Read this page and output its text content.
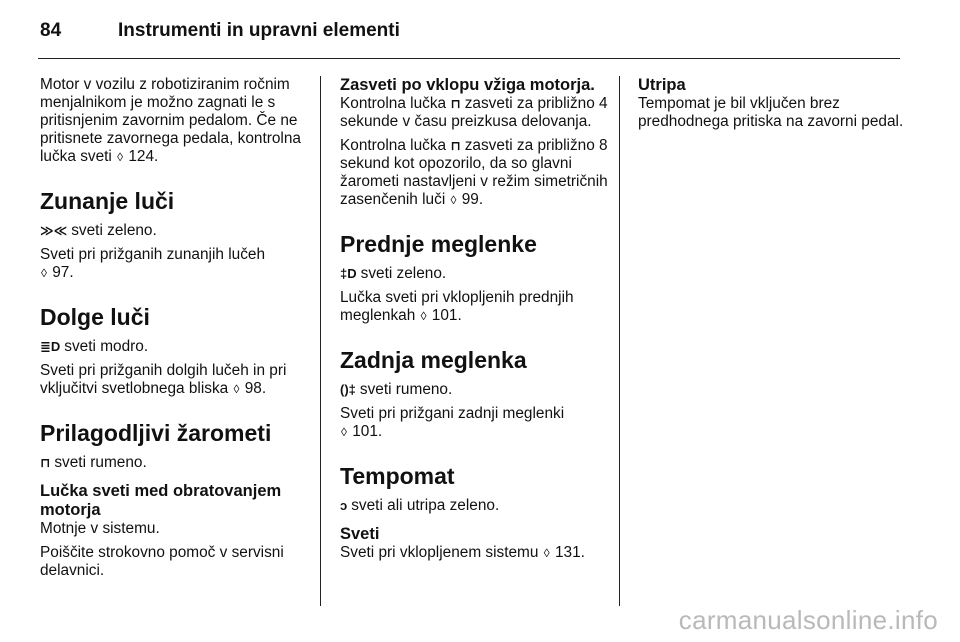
84	Instrumenti in upravni elementi

Motor v vozilu z robotiziranim ročnim menjalnikom je možno zagnati le s pritisnjenim zavornim pedalom. Če ne pritisnete zavornega pedala, kontrolna lučka sveti ◊ 124.

Zunanje luči

≫≪ sveti zeleno.

Sveti pri prižganih zunanjih lučeh
◊ 97.

Dolge luči

≣D sveti modro.

Sveti pri prižganih dolgih lučeh in pri vključitvi svetlobnega bliska ◊ 98.

Prilagodljivi žarometi

⊓ sveti rumeno.

Lučka sveti med obratovanjem motorja

Motnje v sistemu.

Poiščite strokovno pomoč v servisni delavnici.

Zasveti po vklopu vžiga motorja.

Kontrolna lučka ⊓ zasveti za približno 4 sekunde v času preizkusa delovanja.

Kontrolna lučka ⊓ zasveti za približno 8 sekund kot opozorilo, da so glavni žarometi nastavljeni v režim simetričnih zasenčenih luči ◊ 99.

Prednje meglenke

‡D sveti zeleno.

Lučka sveti pri vklopljenih prednjih meglenkah ◊ 101.

Zadnja meglenka

()‡ sveti rumeno.

Sveti pri prižgani zadnji meglenki
◊ 101.

Tempomat

ↄ sveti ali utripa zeleno.

Sveti

Sveti pri vklopljenem sistemu ◊ 131.

Utripa

Tempomat je bil vključen brez predhodnega pritiska na zavorni pedal.

carmanualsonline.info
